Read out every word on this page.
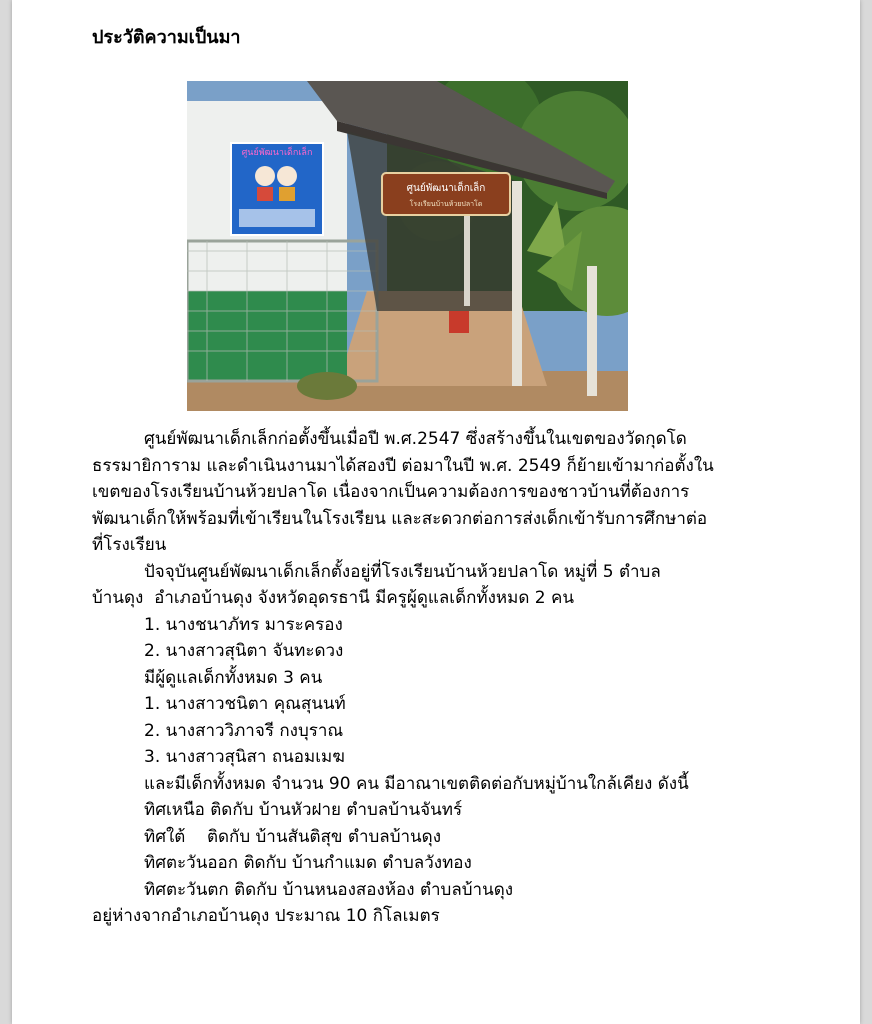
ประวัติความเป็นมา
ศูนย์พัฒนาเด็กเล็ก
ศูนย์พัฒนาเด็กเล็ก
โรงเรียนบ้านห้วยปลาโด
ศูนย์พัฒนาเด็กเล็กก่อตั้งขึ้นเมื่อปี พ.ศ.2547 ซึ่งสร้างขึ้นในเขตของวัดกุดโด
ธรรมายิการาม และดำเนินงานมาได้สองปี ต่อมาในปี พ.ศ. 2549 ก็ย้ายเข้ามาก่อตั้งใน
เขตของโรงเรียนบ้านห้วยปลาโด เนื่องจากเป็นความต้องการของชาวบ้านที่ต้องการ
พัฒนาเด็กให้พร้อมที่เข้าเรียนในโรงเรียน และสะดวกต่อการส่งเด็กเข้ารับการศึกษาต่อ
ที่โรงเรียน
ปัจจุบันศูนย์พัฒนาเด็กเล็กตั้งอยู่ที่โรงเรียนบ้านห้วยปลาโด หมู่ที่ 5 ตำบล
บ้านดุง  อำเภอบ้านดุง จังหวัดอุดรธานี มีครูผู้ดูแลเด็กทั้งหมด 2 คน
1. นางชนาภัทร มาระครอง
2. นางสาวสุนิตา จันทะดวง
มีผู้ดูแลเด็กทั้งหมด 3 คน
1. นางสาวชนิตา คุณสุนนท์
2. นางสาววิภาจรี กงบุราณ
3. นางสาวสุนิสา ถนอมเมฆ
และมีเด็กทั้งหมด จำนวน 90 คน มีอาณาเขตติดต่อกับหมู่บ้านใกล้เคียง ดังนี้
ทิศเหนือ ติดกับ บ้านหัวฝาย ตำบลบ้านจันทร์
ทิศใต้    ติดกับ บ้านสันติสุข ตำบลบ้านดุง
ทิศตะวันออก ติดกับ บ้านกำแมด ตำบลวังทอง
ทิศตะวันตก ติดกับ บ้านหนองสองห้อง ตำบลบ้านดุง
อยู่ห่างจากอำเภอบ้านดุง ประมาณ 10 กิโลเมตร
